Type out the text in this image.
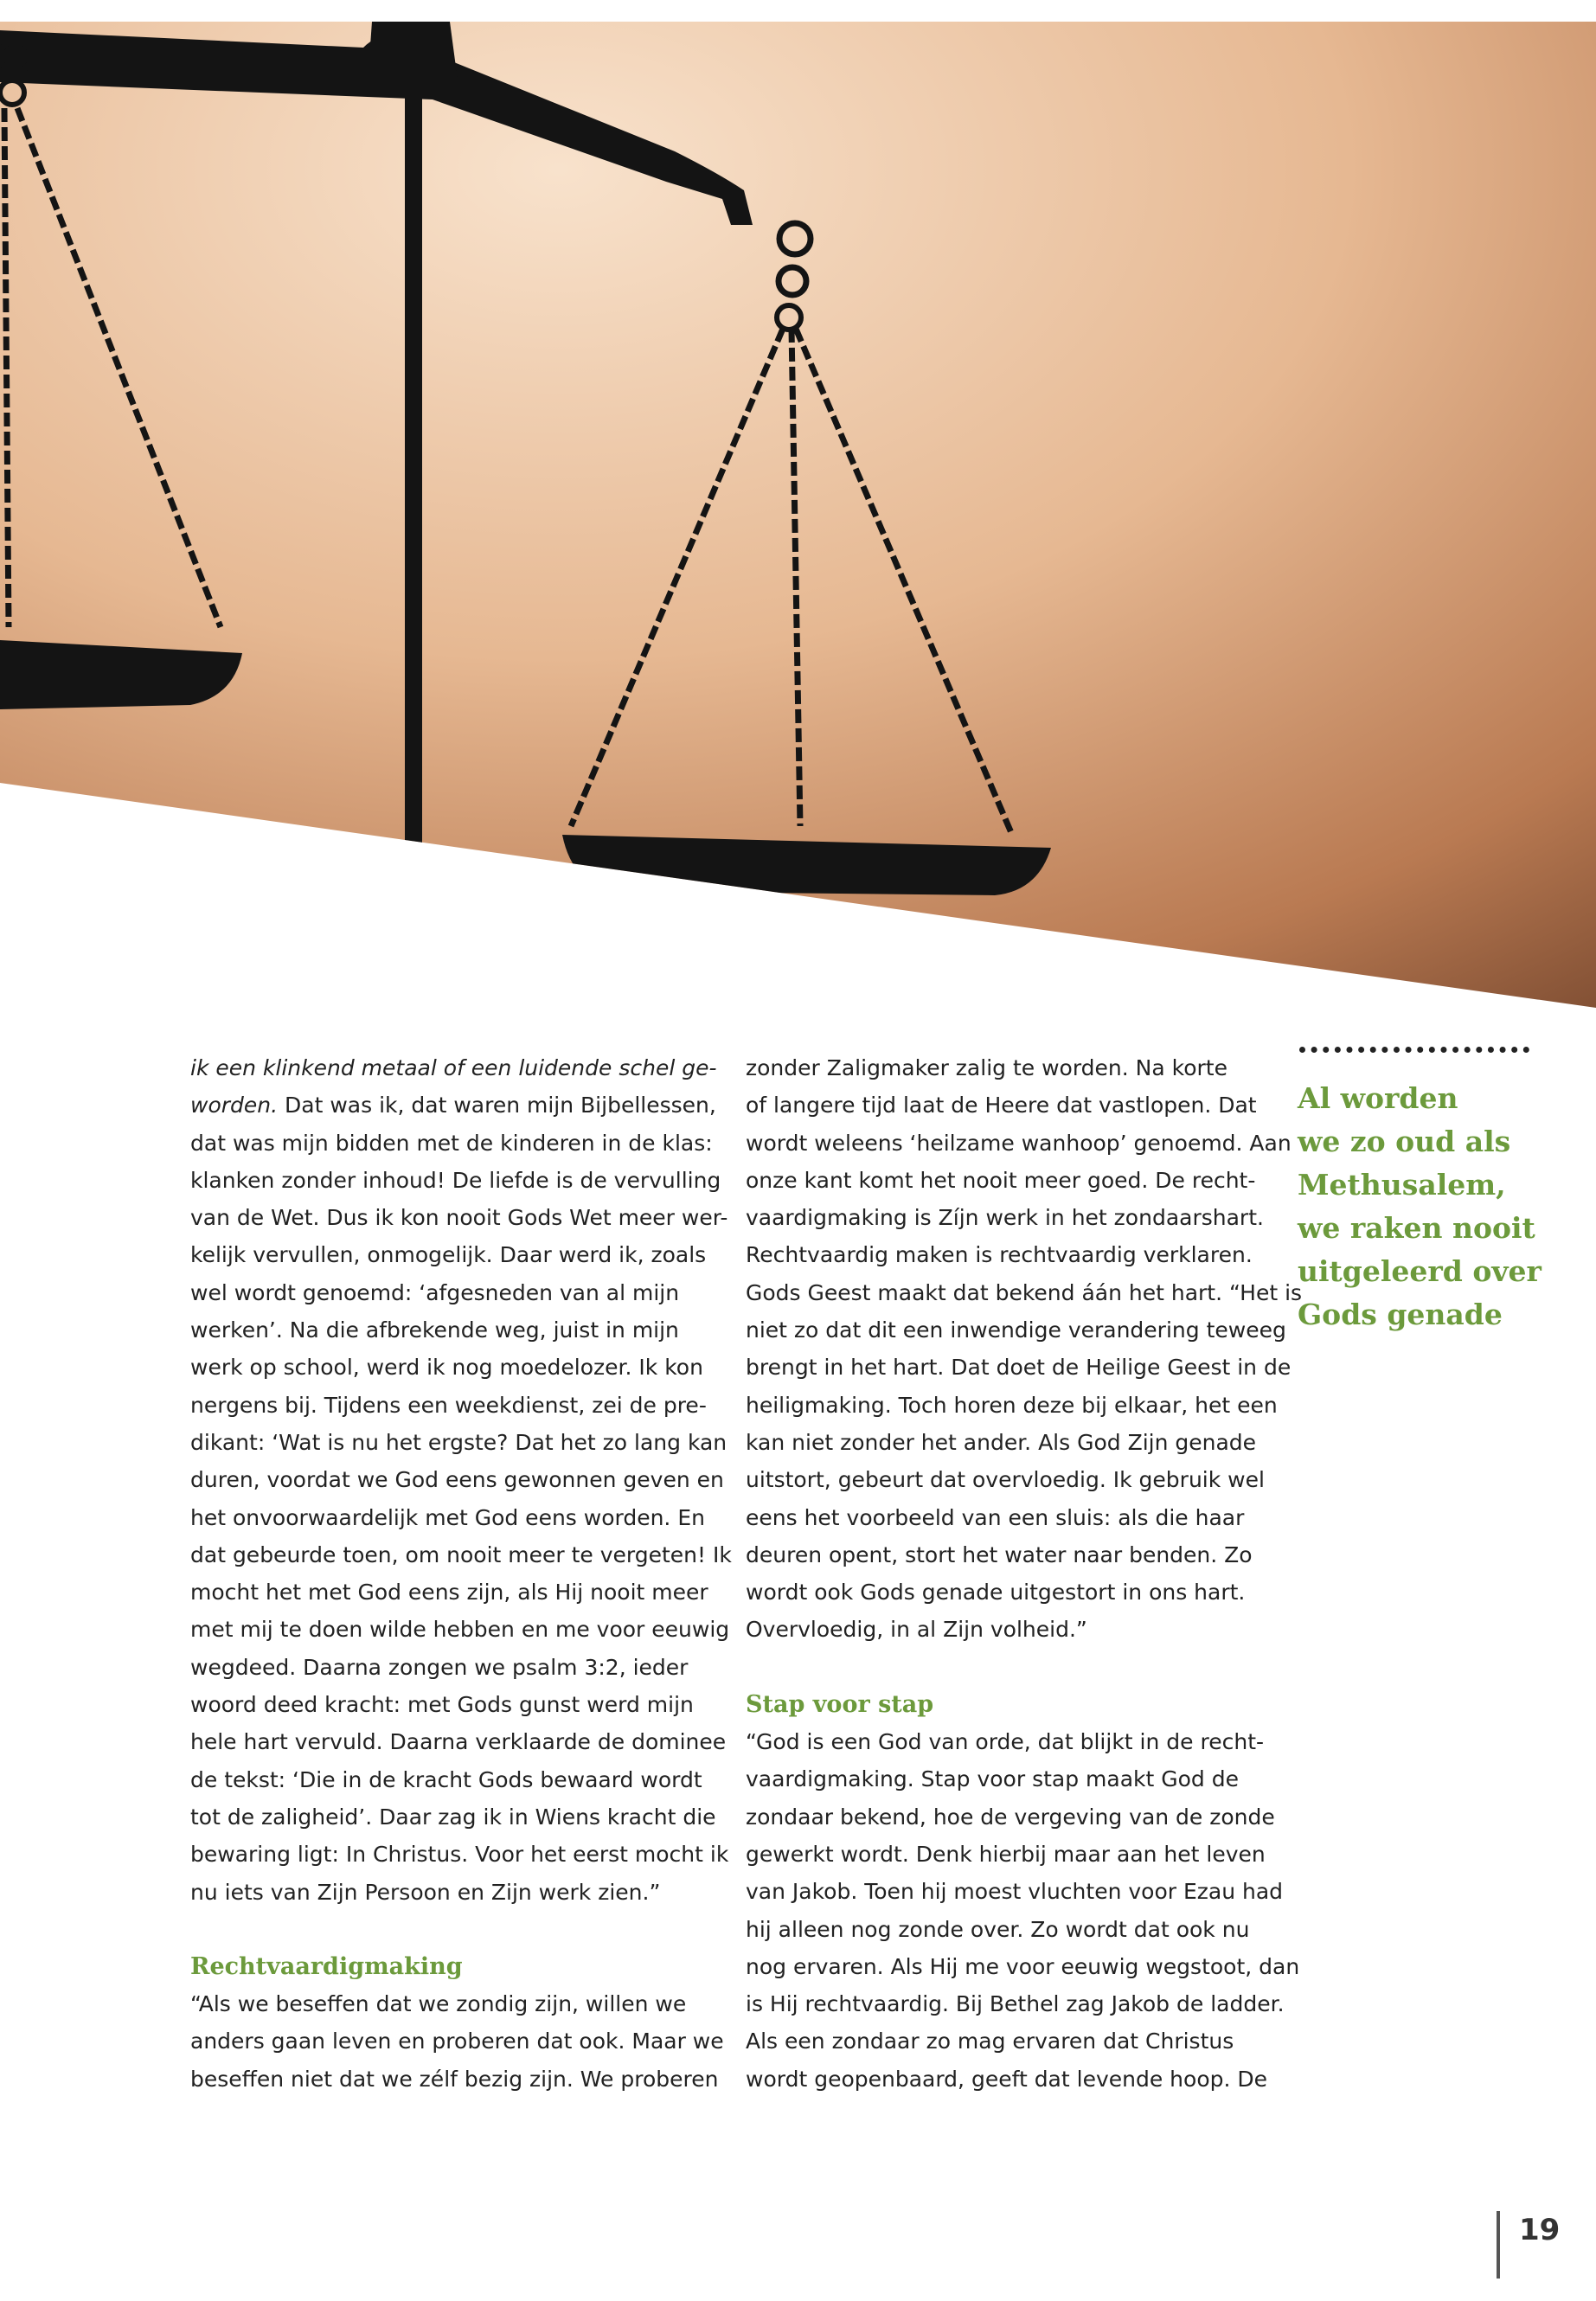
ik een klinkend metaal of een luidende schel ge-

worden. Dat was ik, dat waren mijn Bijbellessen,

dat was mijn bidden met de kinderen in de klas:

klanken zonder inhoud! De liefde is de vervulling

van de Wet. Dus ik kon nooit Gods Wet meer wer-

kelijk vervullen, onmogelijk. Daar werd ik, zoals

wel wordt genoemd: ‘afgesneden van al mijn

werken’. Na die afbrekende weg, juist in mijn

werk op school, werd ik nog moedelozer. Ik kon

nergens bij. Tijdens een weekdienst, zei de pre-

dikant: ‘Wat is nu het ergste? Dat het zo lang kan

duren, voordat we God eens gewonnen geven en

het onvoorwaardelijk met God eens worden. En

dat gebeurde toen, om nooit meer te vergeten! Ik

mocht het met God eens zijn, als Hij nooit meer

met mij te doen wilde hebben en me voor eeuwig

wegdeed. Daarna zongen we psalm 3:2, ieder

woord deed kracht: met Gods gunst werd mijn

hele hart vervuld. Daarna verklaarde de dominee

de tekst: ‘Die in de kracht Gods bewaard wordt

tot de zaligheid’. Daar zag ik in Wiens kracht die

bewaring ligt: In Christus. Voor het eerst mocht ik

nu iets van Zijn Persoon en Zijn werk zien.”

Rechtvaardigmaking

“Als we beseffen dat we zondig zijn, willen we

anders gaan leven en proberen dat ook. Maar we

beseffen niet dat we zélf bezig zijn. We proberen

zonder Zaligmaker zalig te worden. Na korte

of langere tijd laat de Heere dat vastlopen. Dat

wordt weleens ‘heilzame wanhoop’ genoemd. Aan

onze kant komt het nooit meer goed. De recht-

vaardigmaking is Zíjn werk in het zondaarshart.

Rechtvaardig maken is rechtvaardig verklaren.

Gods Geest maakt dat bekend áán het hart. “Het is

niet zo dat dit een inwendige verandering teweeg

brengt in het hart. Dat doet de Heilige Geest in de

heiligmaking. Toch horen deze bij elkaar, het een

kan niet zonder het ander. Als God Zijn genade

uitstort, gebeurt dat overvloedig. Ik gebruik wel

eens het voorbeeld van een sluis: als die haar

deuren opent, stort het water naar benden. Zo

wordt ook Gods genade uitgestort in ons hart.

Overvloedig, in al Zijn volheid.”

Stap voor stap

“God is een God van orde, dat blijkt in de recht-

vaardigmaking. Stap voor stap maakt God de

zondaar bekend, hoe de vergeving van de zonde

gewerkt wordt. Denk hierbij maar aan het leven

van Jakob. Toen hij moest vluchten voor Ezau had

hij alleen nog zonde over. Zo wordt dat ook nu

nog ervaren. Als Hij me voor eeuwig wegstoot, dan

is Hij rechtvaardig. Bij Bethel zag Jakob de ladder.

Als een zondaar zo mag ervaren dat Christus

wordt geopenbaard, geeft dat levende hoop. De

Al worden
we zo oud als
Methusalem,
we raken nooit
uitgeleerd over
Gods genade
19
